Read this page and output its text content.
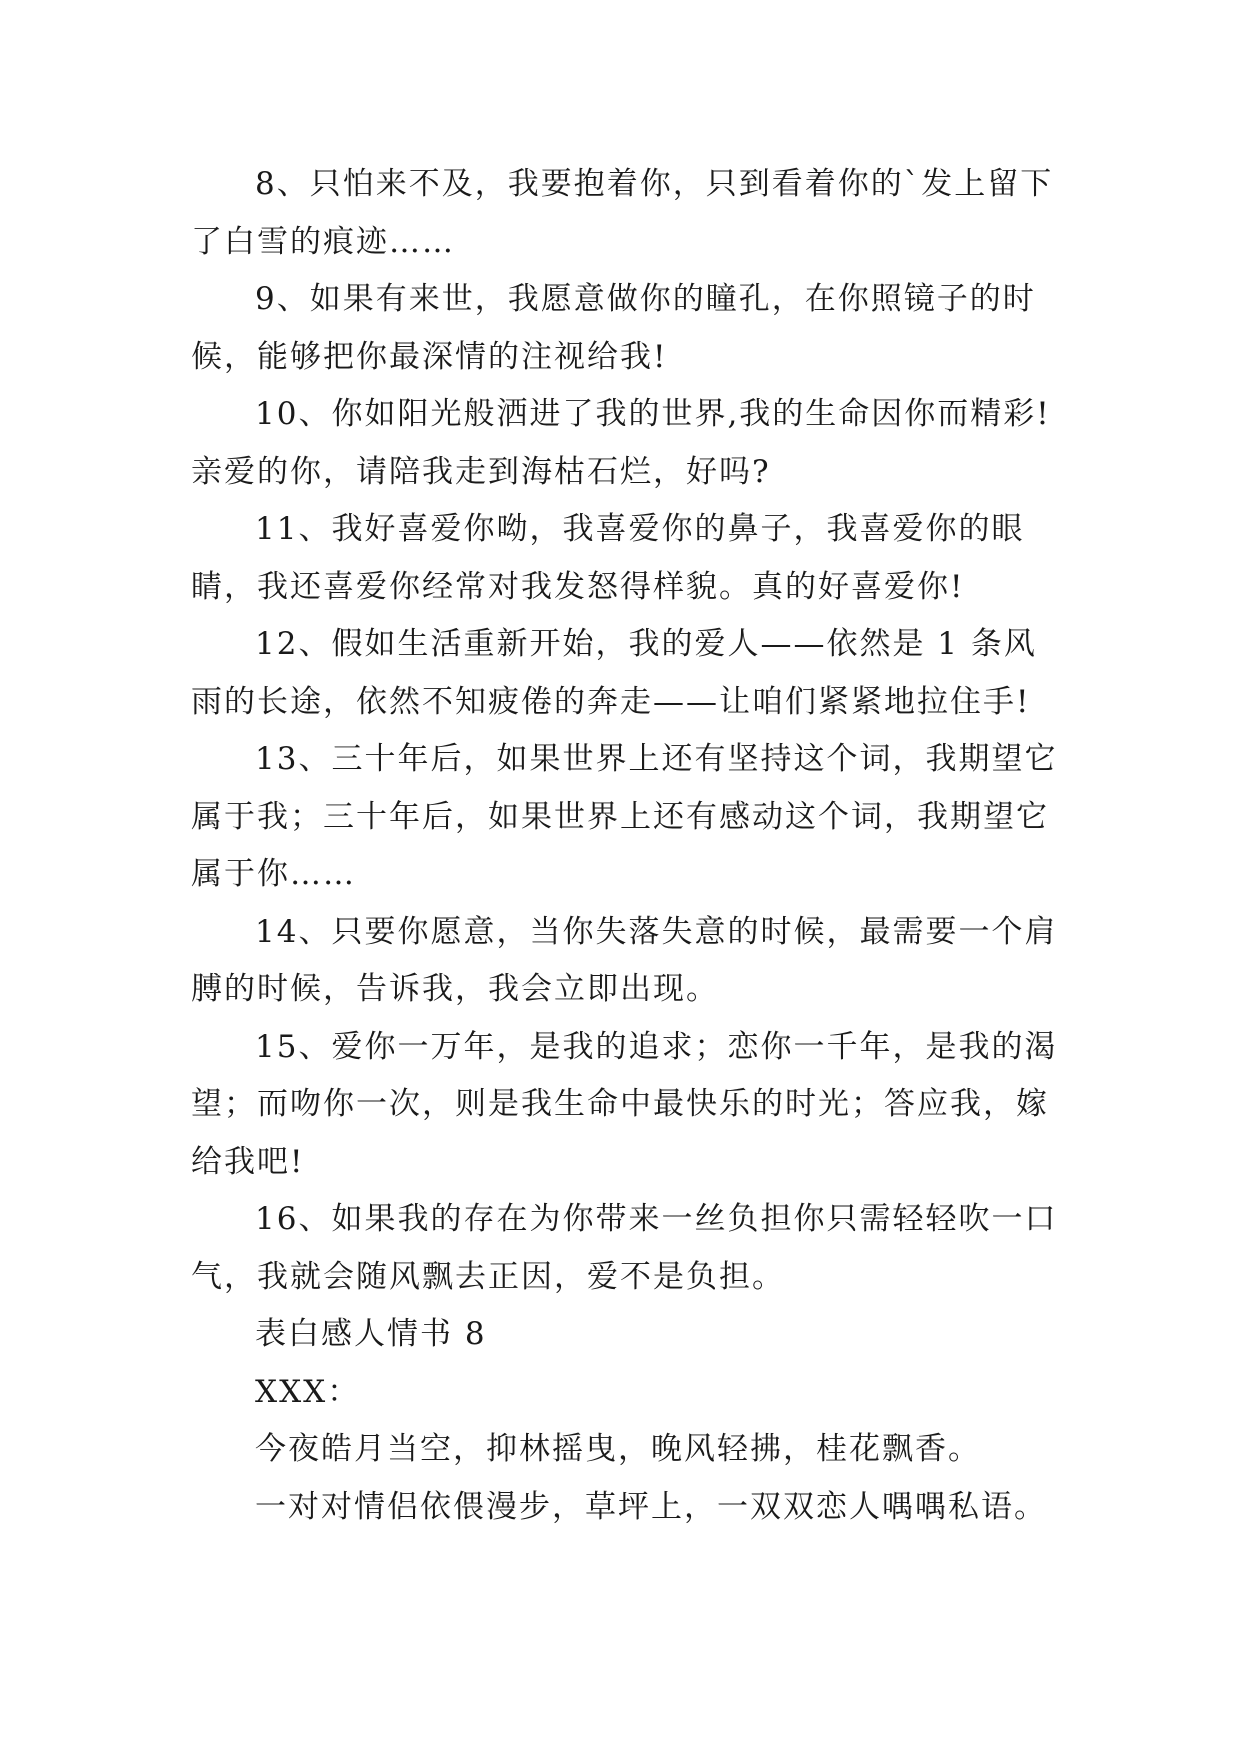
8、只怕来不及，我要抱着你，只到看着你的`发上留下了白雪的痕迹……

9、如果有来世，我愿意做你的瞳孔，在你照镜子的时候，能够把你最深情的注视给我!

10、你如阳光般洒进了我的世界,我的生命因你而精彩!亲爱的你，请陪我走到海枯石烂，好吗?

11、我好喜爱你呦，我喜爱你的鼻子，我喜爱你的眼睛，我还喜爱你经常对我发怒得样貌。真的好喜爱你!

12、假如生活重新开始，我的爱人——依然是 1 条风雨的长途，依然不知疲倦的奔走——让咱们紧紧地拉住手!

13、三十年后，如果世界上还有坚持这个词，我期望它属于我；三十年后，如果世界上还有感动这个词，我期望它属于你……

14、只要你愿意，当你失落失意的时候，最需要一个肩膊的时候，告诉我，我会立即出现。

15、爱你一万年，是我的追求；恋你一千年，是我的渴望；而吻你一次，则是我生命中最快乐的时光；答应我，嫁给我吧!

16、如果我的存在为你带来一丝负担你只需轻轻吹一口气，我就会随风飘去正因，爱不是负担。

表白感人情书 8

XXX：

今夜皓月当空，抑林摇曳，晚风轻拂，桂花飘香。

一对对情侣依偎漫步，草坪上，一双双恋人喁喁私语。
